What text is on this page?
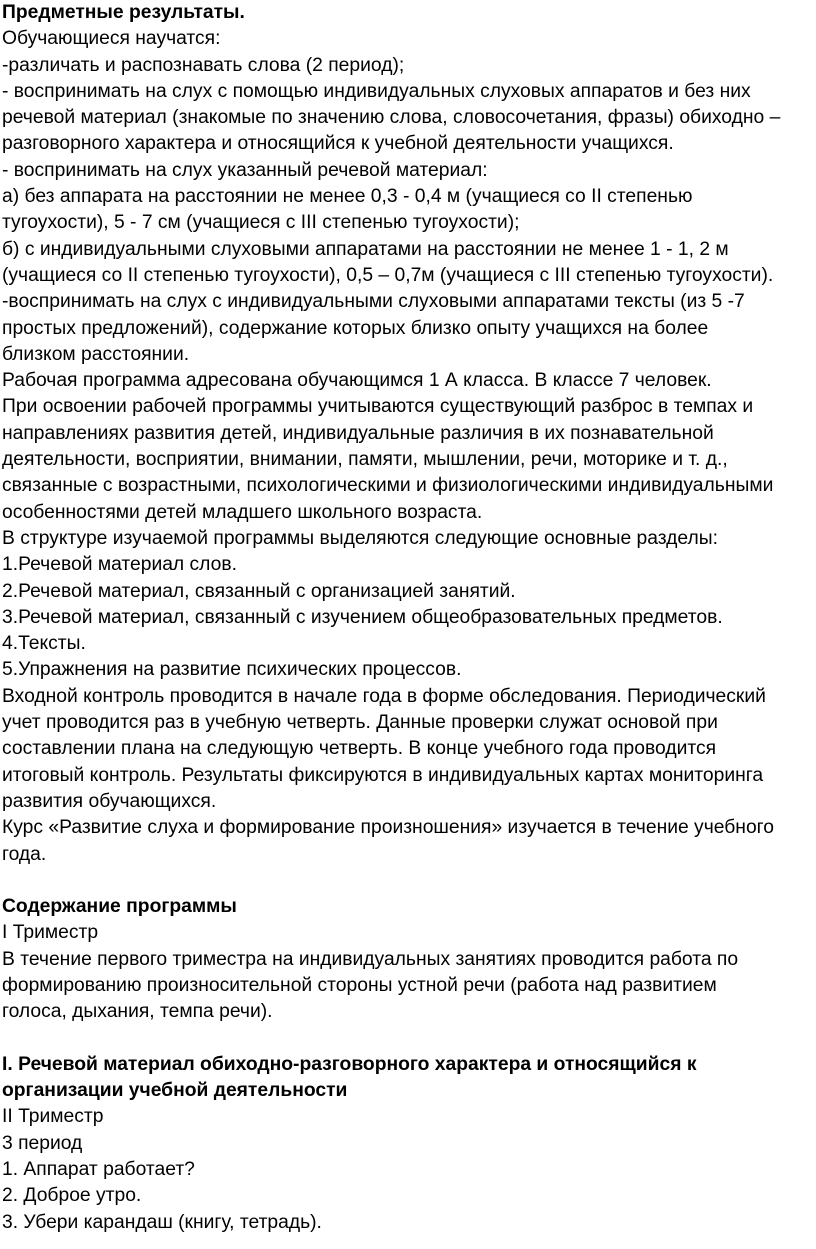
Предметные результаты.
Обучающиеся научатся:
-различать и распознавать слова (2 период);
- воспринимать на слух с помощью индивидуальных слуховых аппаратов и без них
речевой материал (знакомые по значению слова, словосочетания, фразы) обиходно –
разговорного характера и относящийся к учебной деятельности учащихся.
- воспринимать на слух указанный речевой материал:
а) без аппарата на расстоянии не менее 0,3 - 0,4 м (учащиеся со II степенью
тугоухости), 5 - 7 см (учащиеся с III степенью тугоухости);
б) с индивидуальными слуховыми аппаратами на расстоянии не менее 1 - 1, 2 м
(учащиеся со II степенью тугоухости), 0,5 – 0,7м (учащиеся с III степенью тугоухости).
-воспринимать на слух с индивидуальными слуховыми аппаратами тексты (из 5 -7
простых предложений), содержание которых близко опыту учащихся на более
близком расстоянии.
Рабочая программа адресована обучающимся 1 А класса. В классе 7 человек.
При освоении рабочей программы учитываются существующий разброс в темпах и
направлениях развития детей, индивидуальные различия в их познавательной
деятельности, восприятии, внимании, памяти, мышлении, речи, моторике и т. д.,
связанные с возрастными, психологическими и физиологическими индивидуальными
особенностями детей младшего школьного возраста.
В структуре изучаемой программы выделяются следующие основные разделы:
1.Речевой материал слов.
2.Речевой материал, связанный с организацией занятий.
3.Речевой материал, связанный с изучением общеобразовательных предметов.
4.Тексты.
5.Упражнения на развитие психических процессов.
Входной контроль проводится в начале года в форме обследования. Периодический
учет проводится раз в учебную четверть. Данные проверки служат основой при
составлении плана на следующую четверть. В конце учебного года проводится
итоговый контроль. Результаты фиксируются в индивидуальных картах мониторинга
развития обучающихся.
Курс «Развитие слуха и формирование произношения» изучается в течение учебного
года.
Содержание программы
I Триместр
В течение первого триместра на индивидуальных занятиях проводится работа по
формированию произносительной стороны устной речи (работа над развитием
голоса, дыхания, темпа речи).
I. Речевой материал обиходно-разговорного характера и относящийся к
организации учебной деятельности
II Триместр
3 период
1. Аппарат работает?
2. Доброе утро.
3. Убери карандаш (книгу, тетрадь).
